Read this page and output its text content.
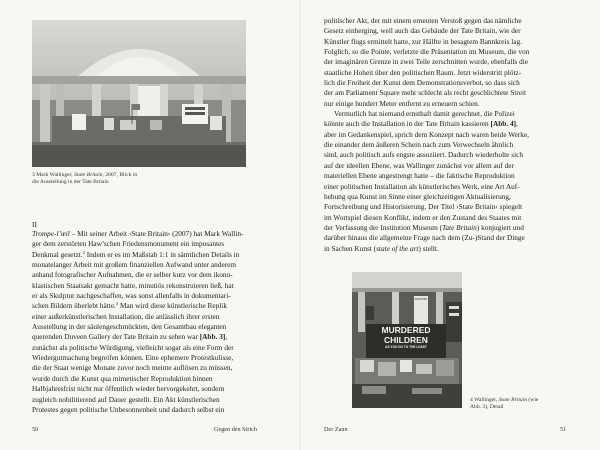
3 Mark Wallinger, State Britain, 2007, Blick in die Ausstellung in der Tate Britain
II
Trompe-l’œil – Mit seiner Arbeit ›State Britain‹ (2007) hat Mark Wallin-
ger dem zerstörten Haw’schen Friedensmonument ein imposantes
Denkmal gesetzt.$^2$ Indem er es im Maßstab 1:1 in sämtlichen Details in
monatelanger Arbeit mit großem finanziellen Aufwand unter anderem
anhand fotografischer Aufnahmen, die er selber kurz vor dem ikono-
klastischen Staatsakt gemacht hatte, minutiös rekonstruieren ließ, hat
er als Skulptur nachgeschaffen, was sonst allenfalls in dokumentari-
schen Bildern überlebt hätte.$^3$ Man wird diese künstlerische Replik
einer außerkünstlerischen Installation, die anlässlich ihrer ersten
Ausstellung in der säulengeschmückten, den Gesamtbau eleganten
querenden Duveen Gallery der Tate Britain zu sehen war [Abb. 3],
zunächst als politische Würdigung, vielleicht sogar als eine Form der
Wiedergutmachung begreifen können. Eine ephemere Protestkulisse,
die der Staat wenige Monate zuvor noch meinte auflösen zu müssen,
wurde durch die Kunst qua mimetischer Reproduktion binnen
Halbjahresfrist nicht nur öffentlich wieder hervorgekehrt, sondern
zugleich nobilitierend auf Dauer gestellt. Ein Akt künstlerischen
Protestes gegen politische Unbesonnenheit und dadurch selbst ein
50	Gegen den Strich
politischer Akt, der mit einem erneuten Verstoß gegen das nämliche
Gesetz einherging, weil auch das Gebäude der Tate Britain, wie der
Künstler flugs ermittelt hatte, zur Hälfte in besagtem Bannkreis lag.
Folglich, so die Pointe, verletzte die Präsentation im Museum, die von
der imaginären Grenze in zwei Teile zerschnitten wurde, ebenfalls die
staatliche Hoheit über den politischen Raum. Jetzt widerstritt plötz-
lich die Freiheit der Kunst dem Demonstrationsverbot, so dass sich
der am Parliament Square mehr schlecht als recht geschlichtete Streit
nur einige hundert Meter entfernt zu erneuern schien.
Vermutlich hat niemand ernsthaft damit gerechnet, die Polizei
könnte auch die Installation in der Tate Britain kassieren [Abb. 4],
aber im Gedankenspiel, sprich dem Konzept nach waren beide Werke,
die einander dem äußeren Schein nach zum Verwechseln ähnlich
sind, auch politisch aufs engste assoziiert. Dadurch wiederholte sich
auf der ideellen Ebene, was Wallinger zunächst vor allem auf der
materiellen Ebene angestrengt hatte – die faktische Reproduktion
einer politischen Installation als künstlerisches Werk, eine Art Auf-
hebung qua Kunst im Sinne einer gleichzeitigen Aktualisierung,
Fortschreibung und Historisierung. Der Titel ›State Britain‹ spiegelt
im Wortspiel diesen Konflikt, indem er den Zustand des Staates mit
der Verfassung der Institution Museum (Tate Britain) konjugiert und
darüber hinaus die allgemeine Frage nach dem (Zu-)Stand der Dinge
in Sachen Kunst (state of the art) stellt.
SUPPORT
MURDERED
CHILDREN
AS YOU DO TO THE LEAST
4 Wallinger, State Britain (wie Abb. 3), Detail
Der Zaun	51
